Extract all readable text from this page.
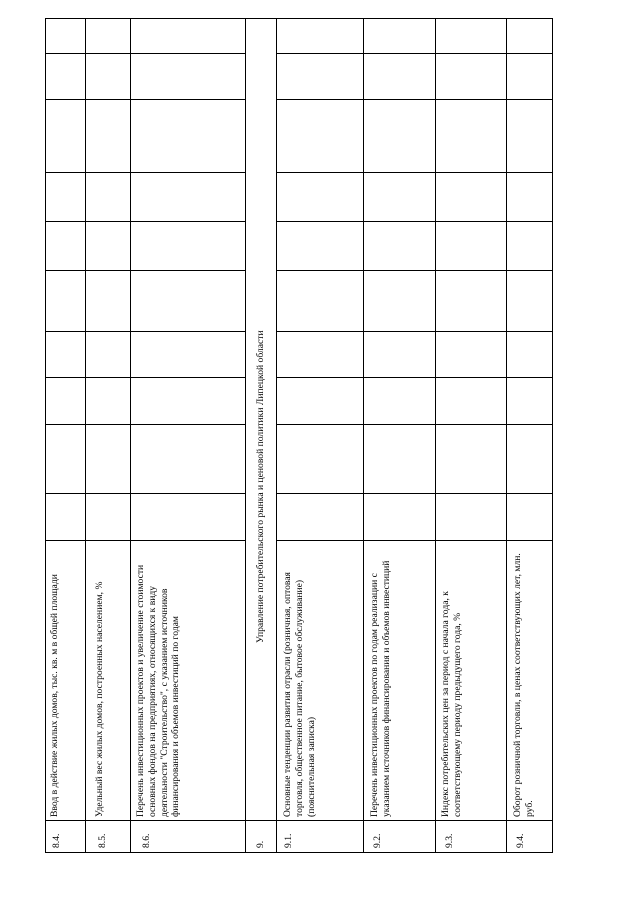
8.4.
Ввод в действие жилых домов, тыс. кв. м в общей площади
8.5.
Удельный вес жилых домов, построенных населением, %
8.6.
Перечень инвестиционных проектов и увеличение стоимости основных фондов на предприятиях, относящихся к виду деятельности "Строительство", с указанием источников финансирования и объемов инвестиций по годам
9.
Управление потребительского рынка и ценовой политики Липецкой области
9.1.
Основные тенденции развития отрасли (розничная, оптовая торговля, общественное питание, бытовое обслуживание) (пояснительная записка)
9.2.
Перечень инвестиционных проектов по годам реализации с указанием источников финансирования и объемов инвестиций
9.3.
Индекс потребительских цен за период с начала года, к соответствующему периоду предыдущего года, %
9.4.
Оборот розничной торговли, в ценах соответствующих лет, млн. руб.
